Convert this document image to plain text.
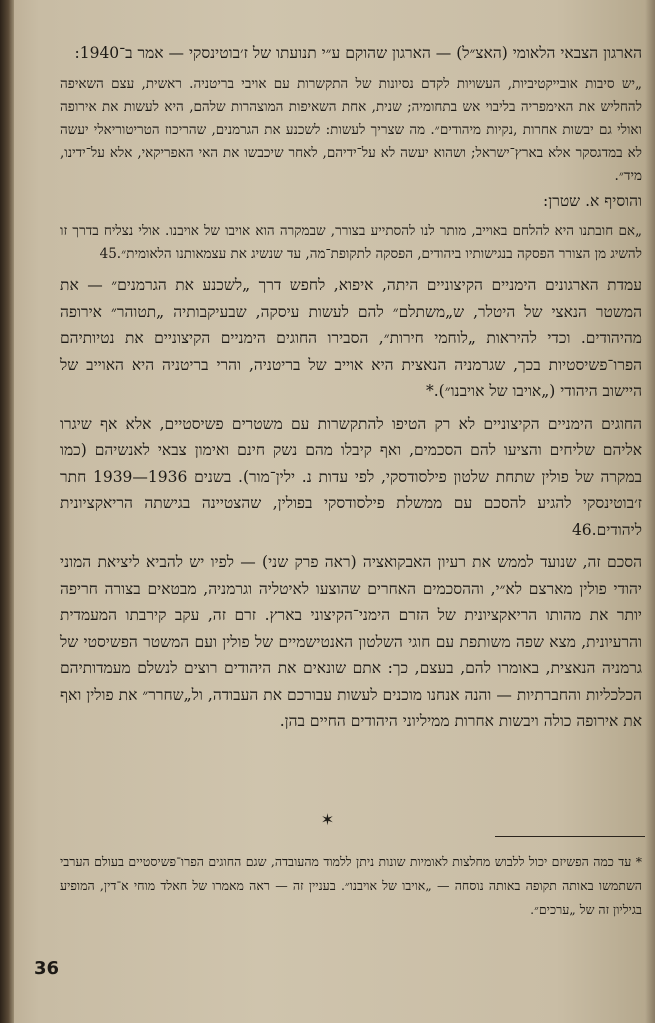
הארגון הצבאי הלאומי (האצ״ל) — הארגון שהוקם ע״י תנועתו של ז׳בוטינסקי — אמר ב־1940:

„יש סיבות אובייקטיביות, העשויות לקדם נסיונות של התקשרות עם אויבי בריטניה. ראשית, עצם השאיפה להחליש את האימפריה בליבוי אש בתחומיה; שנית, אחת השאיפות המוצהרות שלהם, היא לעשות את אירופה ואולי גם יבשות אחרות ,נקיות מיהודים״. מה שצריך לעשות: לשכנע את הגרמנים, שהריכוז הטריטוריאלי יעשה לא במדגסקר אלא בארץ־ישראל; ושהוא יעשה לא על־ידיהם, לאחר שיכבשו את האי האפריקאי, אלא על־ידינו, מיד״.

והוסיף א. שטרן:

„אם חובתנו היא להלחם באוייב, מותר לנו להסתייע בצורר, שבמקרה הוא אויבו של אויבנו. אולי נצליח בדרך זו להשיג מן הצורר הפסקה בנגישותיו ביהודים, הפסקה לתקופת־מה, עד שנשיג את עצמאותנו הלאומית״.45

עמדת הארגונים הימניים הקיצוניים היתה, איפוא, לחפש דרך „לשכנע את הגרמנים״ — את המשטר הנאצי של היטלר, ש„משתלם״ להם לעשות עיסקה, שבעיקבותיה „תטוהר״ אירופה מהיהודים. וכדי להיראות „לוחמי חירות״, הסבירו החוגים הימניים הקיצוניים את נטיותיהם הפרו־פשיסטיות בכך, שגרמניה הנאצית היא אוייב של בריטניה, והרי בריטניה היא האוייב של היישוב היהודי („אויבו של אויבנו״).*

החוגים הימניים הקיצוניים לא רק הטיפו להתקשרות עם משטרים פשיסטיים, אלא אף שיגרו אליהם שליחים והציעו להם הסכמים, ואף קיבלו מהם נשק חינם ואימון צבאי לאנשיהם (כמו במקרה של פולין שתחת שלטון פילסודסקי, לפי עדות נ. ילין־מור). בשנים 1936—1939 חתר ז׳בוטינסקי להגיע להסכם עם ממשלת פילסודסקי בפולין, שהצטיינה בגישתה הריאקציונית ליהודים.46

הסכם זה, שנועד לממש את רעיון האבקואציה (ראה פרק שני) — לפיו יש להביא ליציאת המוני יהודי פולין מארצם לא״י, וההסכמים האחרים שהוצעו לאיטליה וגרמניה, מבטאים בצורה חריפה יותר את מהותו הריאקציונית של הזרם הימני־הקיצוני בארץ. זרם זה, עקב קירבתו המעמדית והרעיונית, מצא שפה משותפת עם חוגי השלטון האנטישמיים של פולין ועם המשטר הפשיסטי של גרמניה הנאצית, באומרו להם, בעצם, כך: אתם שונאים את היהודים רוצים לנשלם מעמדותיהם הכלכליות והחברתיות — והנה אנחנו מוכנים לעשות עבורכם את העבודה, ול„שחרר״ את פולין ואף את אירופה כולה ויבשות אחרות ממיליוני היהודים החיים בהן.

✶
* עד כמה הפשיזם יכול ללבוש מחלצות לאומיות שונות ניתן ללמוד מהעובדה, שגם החוגים הפרו־פשיסטיים בעולם הערבי השתמשו באותה תקופה באותה נוסחה — „אויבו של אויבנו״. בעניין זה — ראה מאמרו של חאלד מוחי א־דין, המופיע בגיליון זה של „ערכים״.
36
